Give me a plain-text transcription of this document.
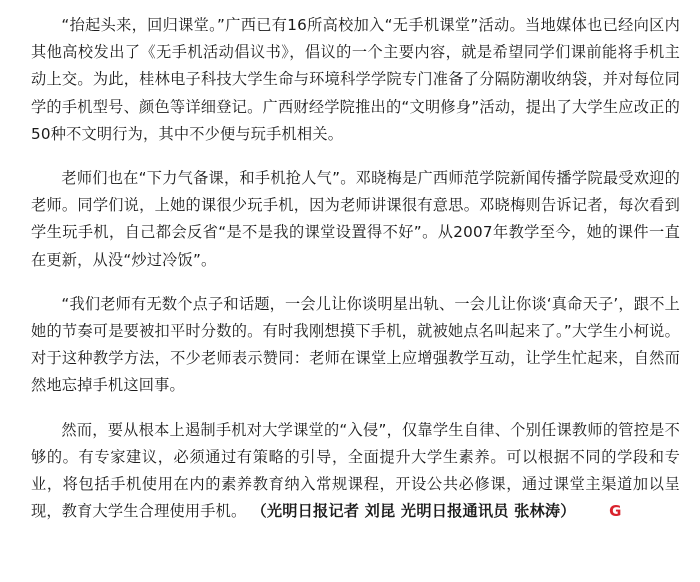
“抬起头来，回归课堂。”广西已有16所高校加入“无手机课堂”活动。当地媒体也已经向区内其他高校发出了《无手机活动倡议书》，倡议的一个主要内容，就是希望同学们课前能将手机主动上交。为此，桂林电子科技大学生命与环境科学学院专门准备了分隔防潮收纳袋，并对每位同学的手机型号、颜色等详细登记。广西财经学院推出的“文明修身”活动，提出了大学生应改正的50种不文明行为，其中不少便与玩手机相关。

老师们也在“下力气备课，和手机抢人气”。邓晓梅是广西师范学院新闻传播学院最受欢迎的老师。同学们说，上她的课很少玩手机，因为老师讲课很有意思。邓晓梅则告诉记者，每次看到学生玩手机，自己都会反省“是不是我的课堂设置得不好”。从2007年教学至今，她的课件一直在更新，从没“炒过冷饭”。

“我们老师有无数个点子和话题，一会儿让你谈明星出轨、一会儿让你谈‘真命天子’，跟不上她的节奏可是要被扣平时分数的。有时我刚想摸下手机，就被她点名叫起来了。”大学生小柯说。对于这种教学方法，不少老师表示赞同：老师在课堂上应增强教学互动，让学生忙起来，自然而然地忘掉手机这回事。

然而，要从根本上遏制手机对大学课堂的“入侵”，仅靠学生自律、个别任课教师的管控是不够的。有专家建议，必须通过有策略的引导，全面提升大学生素养。可以根据不同的学段和专业，将包括手机使用在内的素养教育纳入常规课程，开设公共必修课，通过课堂主渠道加以呈现，教育大学生合理使用手机。 （光明日报记者 刘昆 光明日报通讯员 张林涛） G
